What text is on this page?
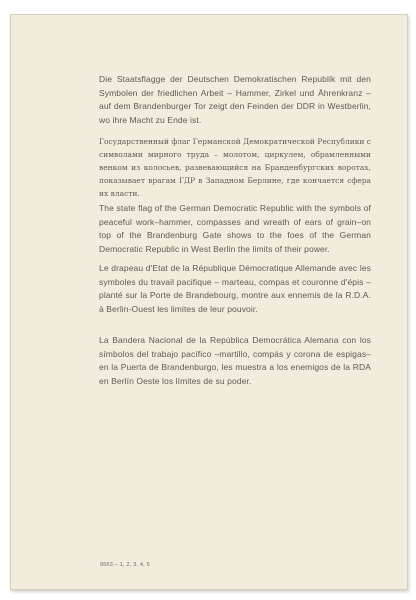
Die Staatsflagge der Deutschen Demokratischen Republik mit den Symbolen der friedlichen Arbeit – Hammer, Zirkel und Ährenkranz – auf dem Brandenburger Tor zeigt den Feinden der DDR in Westberlin, wo ihre Macht zu Ende ist.

Государственный флаг Германской Демократической Республики с символами мирного труда – молотом, циркулем, обрамленными венком из колосьев, развевающийся на Бранденбургских воротах, показывает врагам ГДР в Западном Берлине, где кончается сфера их власти.

The state flag of the German Democratic Republic with the symbols of peaceful work–hammer, compasses and wreath of ears of grain–on top of the Brandenburg Gate shows to the foes of the German Democratic Republic in West Berlin the limits of their power.

Le drapeau d'Etat de la République Démocratique Allemande avec les symboles du travail pacifique – marteau, compas et couronne d'épis – planté sur la Porte de Brandebourg, montre aux ennemis de la R.D.A. à Berlin-Ouest les limites de leur pouvoir.

La Bandera Nacional de la República Democrática Alemana con los símbolos del trabajo pacífico –martillo, compás y corona de espigas– en la Puerta de Brandenburgo, les muestra a los enemigos de la RDA en Berlín Oeste los límites de su poder.

9563 – 1, 2, 3, 4, 5
